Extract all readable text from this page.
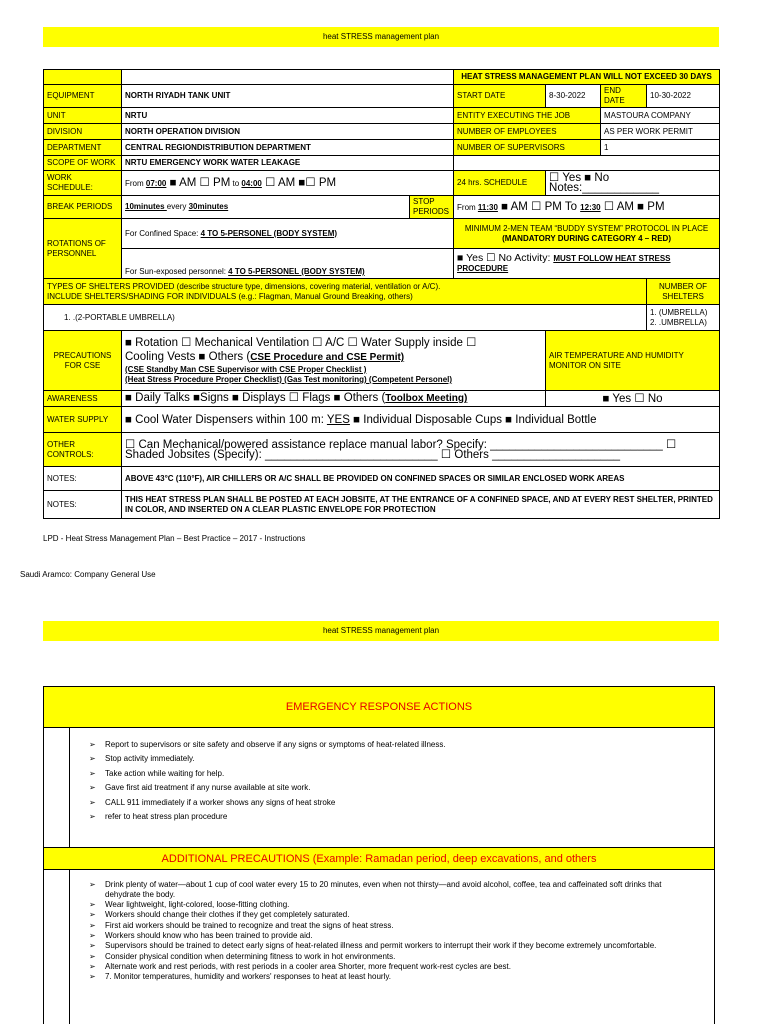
heat STRESS management plan
			HEAT STRESS MANAGEMENT PLAN WILL NOT EXCEED 30 DAYS			
EQUIPMENT	NORTH RIYADH TANK UNIT		START DATE	8-30-2022	END DATE	10-30-2022
UNIT	NRTU		ENTITY EXECUTING THE JOB		MASTOURA COMPANY	
DIVISION	NORTH OPERATION DIVISION		NUMBER OF EMPLOYEES		AS PER WORK PERMIT	
DEPARTMENT	CENTRAL REGIONDISTRIBUTION DEPARTMENT		NUMBER OF SUPERVISORS		1	
SCOPE OF WORK	NRTU EMERGENCY WORK WATER LEAKAGE					
WORK SCHEDULE:	From 07:00 ■ AM ☐ PM to 04:00 ☐ AM ■☐ PM		24 hrs. SCHEDULE	☐ Yes ■ No Notes:____________		
BREAK PERIODS	10minutes every 30minutes	STOP PERIODS	From 11:30 ■ AM ☐ PM To 12:30 ☐ AM ■ PM			
ROTATIONS OF PERSONNEL	For Confined Space: 4 TO 5-PERSONEL (BODY SYSTEM)		MINIMUM 2-MEN TEAM “BUDDY SYSTEM” PROTOCOL IN PLACE
(MANDATORY DURING CATEGORY 4 – RED)			

	For Sun-exposed personnel: 4 TO 5-PERSONEL (BODY SYSTEM)		■ Yes ☐ No Activity: MUST FOLLOW HEAT STRESS PROCEDURE			

TYPES OF SHELTERS PROVIDED (describe structure type, dimensions, covering material, ventilation or A/C).
INCLUDE SHELTERS/SHADING FOR INDIVIDUALS (e.g.: Flagman, Manual Ground Breaking, others)						NUMBER OF SHELTERS
1. .(2-PORTABLE UMBRELLA)						1. (UMBRELLA)
2. .UMBRELLA)

PRECAUTIONS FOR CSE	■ Rotation ☐ Mechanical Ventilation ☐ A/C ☐ Water Supply inside ☐
Cooling Vests ■ Others (CSE Procedure and CSE Permit)
(CSE Standby Man CSE Supervisor with CSE Proper Checklist )
(Heat Stress Procedure Proper Checklist) (Gas Test monitoring) (Competent Personel)			AIR TEMPERATURE AND HUMIDITY MONITOR ON SITE		
AWARENESS	■ Daily Talks ■Signs ■ Displays ☐ Flags ■ Others (Toolbox Meeting)			■ Yes ☐ No		
WATER SUPPLY	■ Cool Water Dispensers within 100 m: YES ■ Individual Disposable Cups ■ Individual Bottle					
OTHER CONTROLS:	☐ Can Mechanical/powered assistance replace manual labor? Specify: ___________________________ ☐
Shaded Jobsites (Specify): ___________________________ ☐ Others ____________________					

NOTES:	ABOVE 43°C (110°F), AIR CHILLERS OR A/C SHALL BE PROVIDED ON CONFINED SPACES OR SIMILAR ENCLOSED WORK AREAS					
NOTES:	THIS HEAT STRESS PLAN SHALL BE POSTED AT EACH JOBSITE, AT THE ENTRANCE OF A CONFINED SPACE, AND AT EVERY REST SHELTER, PRINTED IN COLOR, AND INSERTED ON A CLEAR PLASTIC ENVELOPE FOR PROTECTION					
LPD - Heat Stress Management Plan – Best Practice – 2017 - Instructions
Saudi Aramco: Company General Use
heat STRESS management plan
EMERGENCY RESPONSE ACTIONS
➢ Report to supervisors or site safety and observe if any signs or symptoms of heat-related illness.
➢ Stop activity immediately.
➢ Take action while waiting for help.
➢ Gave first aid treatment if any nurse available at site work.
➢ CALL 911 immediately if a worker shows any signs of heat stroke
➢ refer to heat stress plan procedure
ADDITIONAL PRECAUTIONS (Example: Ramadan period, deep excavations, and others
➢ Drink plenty of water—about 1 cup of cool water every 15 to 20 minutes, even when not thirsty—and avoid alcohol, coffee, tea and caffeinated soft drinks that dehydrate the body.
➢ Wear lightweight, light-colored, loose-fitting clothing.
➢ Workers should change their clothes if they get completely saturated.
➢ First aid workers should be trained to recognize and treat the signs of heat stress.
➢ Workers should know who has been trained to provide aid.
➢ Supervisors should be trained to detect early signs of heat-related illness and permit workers to interrupt their work if they become extremely uncomfortable.
➢ Consider physical condition when determining fitness to work in hot environments.
➢ Alternate work and rest periods, with rest periods in a cooler area Shorter, more frequent work-rest cycles are best.
➢ 7. Monitor temperatures, humidity and workers' responses to heat at least hourly.
